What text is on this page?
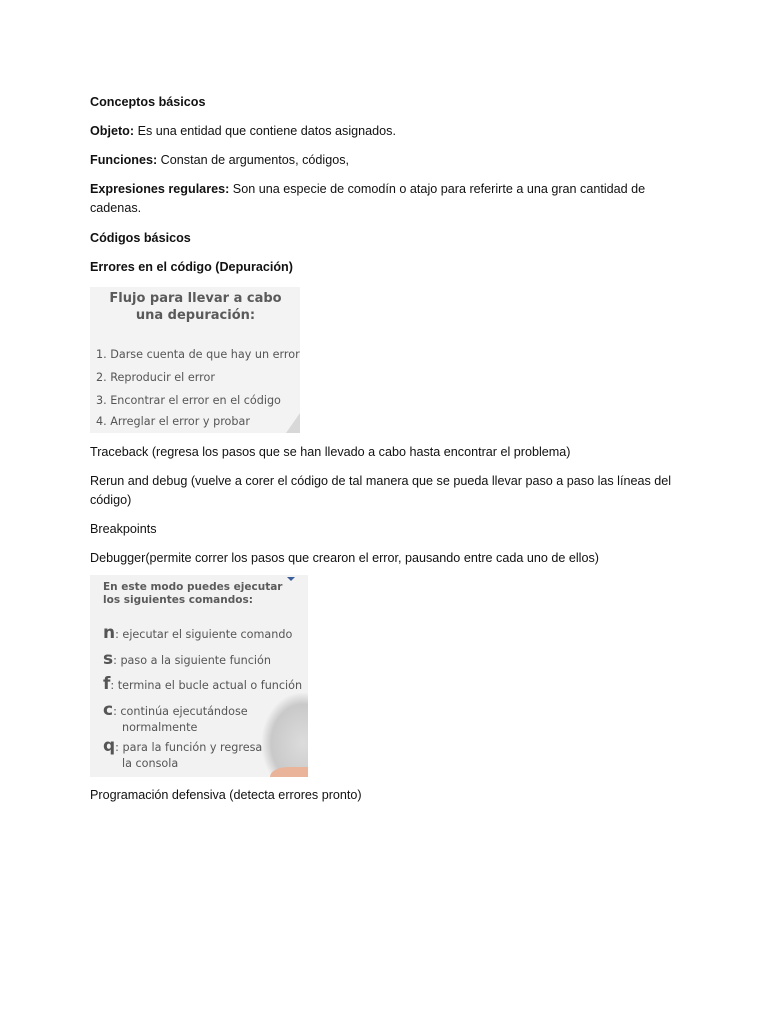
Conceptos básicos

Objeto: Es una entidad que contiene datos asignados.

Funciones: Constan de argumentos, códigos,

Expresiones regulares: Son una especie de comodín o atajo para referirte a una gran cantidad de cadenas.

Códigos básicos

Errores en el código (Depuración)

Flujo para llevar a cabo una depuración:
1. Darse cuenta de que hay un error
2. Reproducir el error
3. Encontrar el error en el código
4. Arreglar el error y probar

Traceback (regresa los pasos que se han llevado a cabo hasta encontrar el problema)

Rerun and debug (vuelve a corer el código de tal manera que se pueda llevar paso a paso las líneas del código)

Breakpoints

Debugger(permite correr los pasos que crearon el error, pausando entre cada uno de ellos)

En este modo puedes ejecutar los siguientes comandos:
n: ejecutar el siguiente comando
s: paso a la siguiente función
f: termina el bucle actual o función
c: continúa ejecutándose
normalmente
q: para la función y regresa
la consola

Programación defensiva (detecta errores pronto)
